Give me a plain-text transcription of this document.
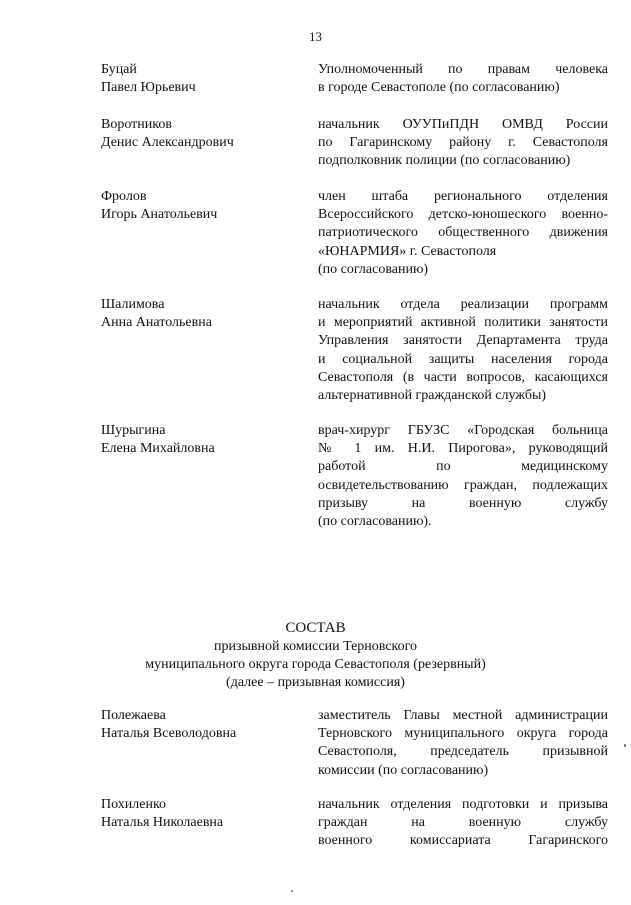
13
Буцай
Павел Юрьевич
Уполномоченный по правам человека
в городе Севастополе (по согласованию)
Воротников
Денис Александрович
начальник ОУУПиПДН ОМВД России
по Гагаринскому району г. Севастополя
подполковник полиции (по согласованию)
Фролов
Игорь Анатольевич
член штаба регионального отделения
Всероссийского детско-юношеского военно-
патриотического общественного движения
«ЮНАРМИЯ» г. Севастополя
(по согласованию)
Шалимова
Анна Анатольевна
начальник отдела реализации программ
и мероприятий активной политики занятости
Управления занятости Департамента труда
и социальной защиты населения города
Севастополя (в части вопросов, касающихся
альтернативной гражданской службы)
Шурыгина
Елена Михайловна
врач-хирург ГБУЗС «Городская больница
№ 1 им. Н.И. Пирогова», руководящий
работой по медицинскому
освидетельствованию граждан, подлежащих
призыву на военную службу
(по согласованию).
СОСТАВ
призывной комиссии Терновского
муниципального округа города Севастополя (резервный)
(далее – призывная комиссия)
Полежаева
Наталья Всеволодовна
заместитель Главы местной администрации
Терновского муниципального округа города
Севастополя, председатель призывной
комиссии (по согласованию)
Похиленко
Наталья Николаевна
начальник отделения подготовки и призыва
граждан на военную службу
военного комиссариата Гагаринского
